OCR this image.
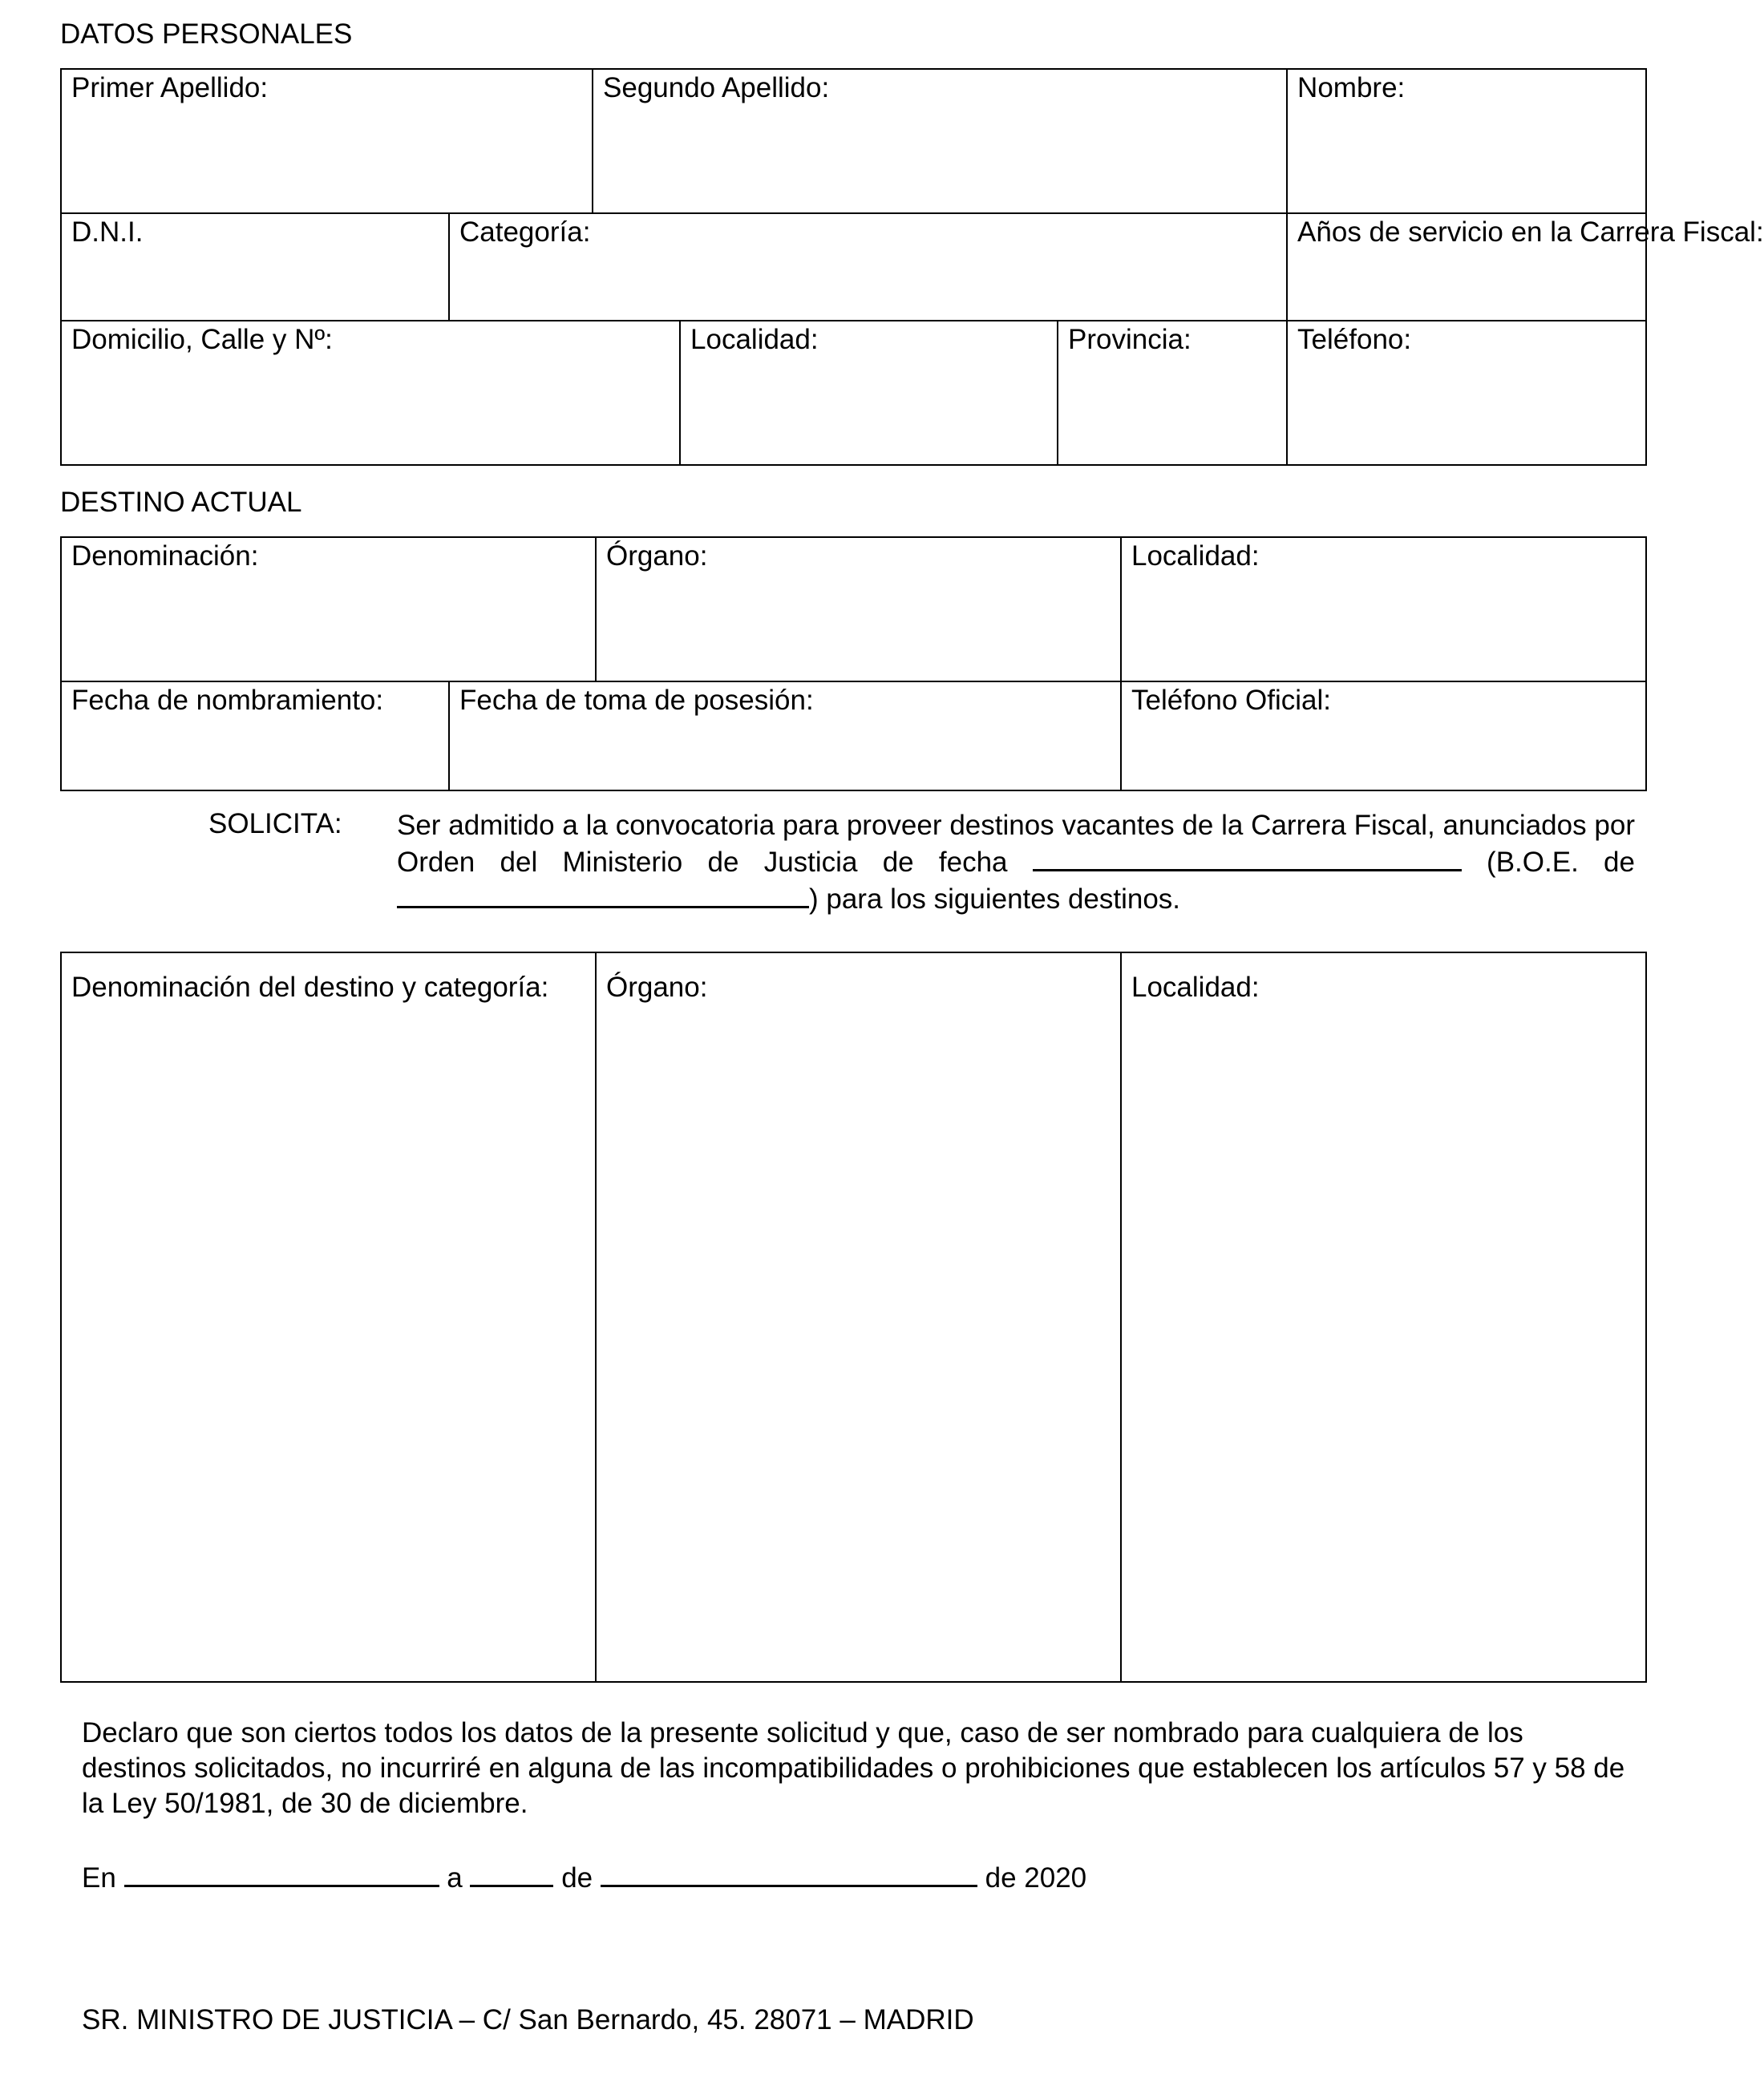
DATOS PERSONALES
Primer Apellido:		Segundo Apellido:			Nombre:
D.N.I.	Categoría:				Años de servicio en la Carrera Fiscal:
Domicilio, Calle y Nº:			Localidad:	Provincia:	Teléfono:
DESTINO ACTUAL
Denominación:		Órgano:	Localidad:
Fecha de nombramiento:	Fecha de toma de posesión:		Teléfono Oficial:
SOLICITA: Ser admitido a la convocatoria para proveer destinos vacantes de la Carrera Fiscal, anunciados por Orden del Ministerio de Justicia de fecha	(B.O.E. de ) para los siguientes destinos.
Denominación del destino y categoría:	Órgano:	Localidad:
Declaro que son ciertos todos los datos de la presente solicitud y que, caso de ser nombrado para cualquiera de los destinos solicitados, no incurriré en alguna de las incompatibilidades o prohibiciones que establecen los artículos 57 y 58 de la Ley 50/1981, de 30 de diciembre.
En	a	de	de 2020
SR. MINISTRO DE JUSTICIA – C/ San Bernardo, 45. 28071 – MADRID
